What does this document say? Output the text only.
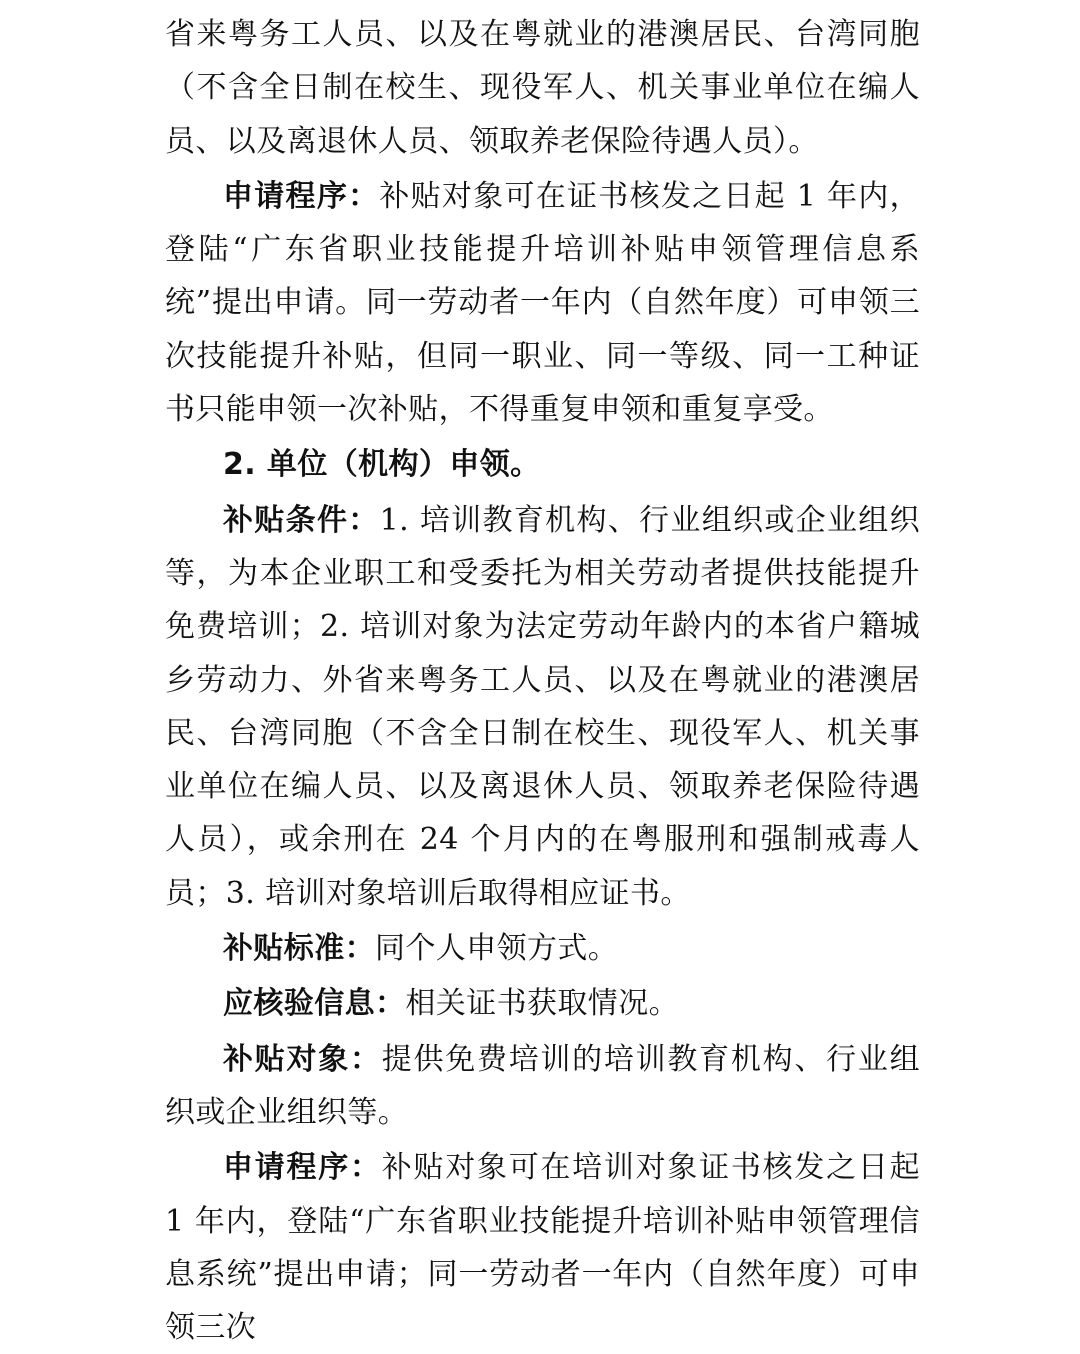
省来粤务工人员、以及在粤就业的港澳居民、台湾同胞（不含全日制在校生、现役军人、机关事业单位在编人员、以及离退休人员、领取养老保险待遇人员）。

申请程序：补贴对象可在证书核发之日起 1 年内，登陆“广东省职业技能提升培训补贴申领管理信息系统”提出申请。同一劳动者一年内（自然年度）可申领三次技能提升补贴，但同一职业、同一等级、同一工种证书只能申领一次补贴，不得重复申领和重复享受。

2. 单位（机构）申领。

补贴条件：1. 培训教育机构、行业组织或企业组织等，为本企业职工和受委托为相关劳动者提供技能提升免费培训；2. 培训对象为法定劳动年龄内的本省户籍城乡劳动力、外省来粤务工人员、以及在粤就业的港澳居民、台湾同胞（不含全日制在校生、现役军人、机关事业单位在编人员、以及离退休人员、领取养老保险待遇人员），或余刑在 24 个月内的在粤服刑和强制戒毒人员；3. 培训对象培训后取得相应证书。

补贴标准：同个人申领方式。

应核验信息：相关证书获取情况。

补贴对象：提供免费培训的培训教育机构、行业组织或企业组织等。

申请程序：补贴对象可在培训对象证书核发之日起 1 年内，登陆“广东省职业技能提升培训补贴申领管理信息系统”提出申请；同一劳动者一年内（自然年度）可申领三次
